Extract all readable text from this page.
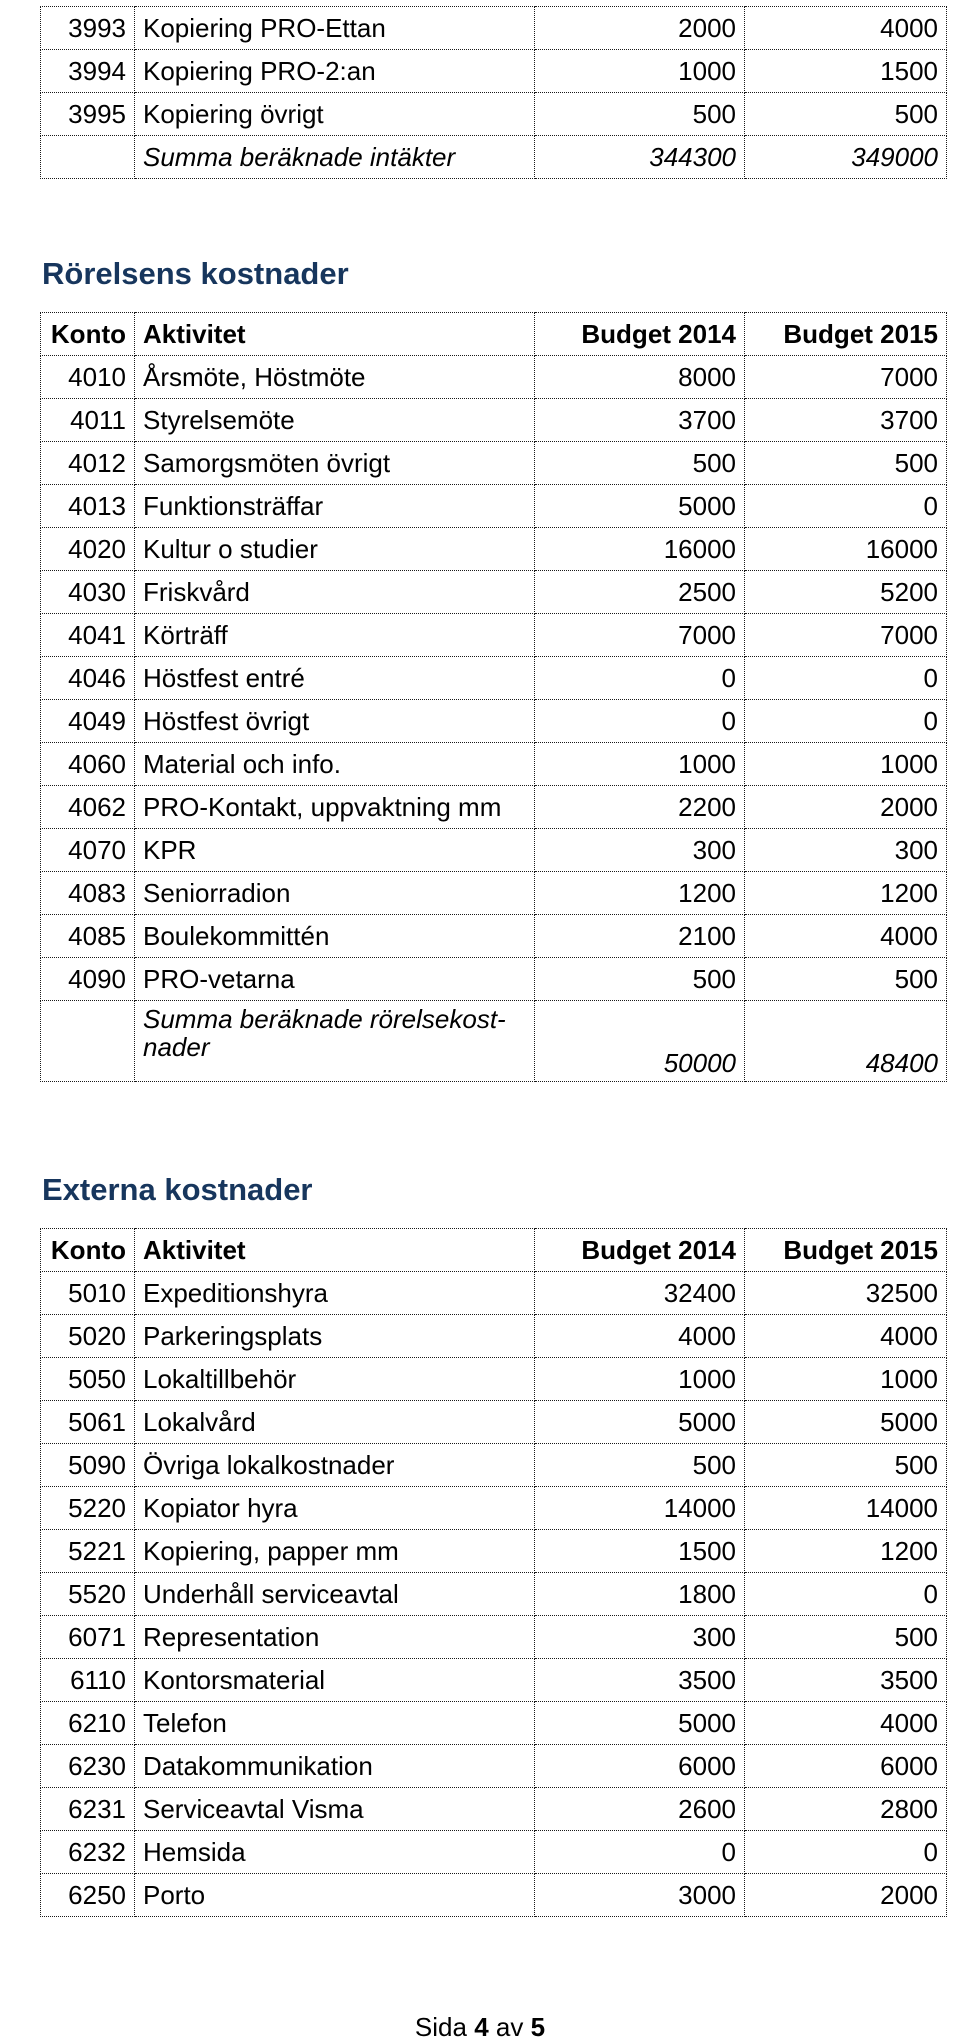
3993	Kopiering PRO-Ettan	2000	4000
3994	Kopiering PRO-2:an	1000	1500
3995	Kopiering övrigt	500	500
	Summa beräknade intäkter	344300	349000
Rörelsens kostnader
Konto	Aktivitet	Budget 2014	Budget 2015
4010	Årsmöte, Höstmöte	8000	7000
4011	Styrelsemöte	3700	3700
4012	Samorgsmöten övrigt	500	500
4013	Funktionsträffar	5000	0
4020	Kultur o studier	16000	16000
4030	Friskvård	2500	5200
4041	Körträff	7000	7000
4046	Höstfest entré	0	0
4049	Höstfest övrigt	0	0
4060	Material och info.	1000	1000
4062	PRO-Kontakt, uppvaktning mm	2200	2000
4070	KPR	300	300
4083	Seniorradion	1200	1200
4085	Boulekommittén	2100	4000
4090	PRO-vetarna	500	500
	Summa beräknade rörelsekost-nader	50000	48400
Externa kostnader
Konto	Aktivitet	Budget 2014	Budget 2015
5010	Expeditionshyra	32400	32500
5020	Parkeringsplats	4000	4000
5050	Lokaltillbehör	1000	1000
5061	Lokalvård	5000	5000
5090	Övriga lokalkostnader	500	500
5220	Kopiator hyra	14000	14000
5221	Kopiering, papper mm	1500	1200
5520	Underhåll serviceavtal	1800	0
6071	Representation	300	500
6110	Kontorsmaterial	3500	3500
6210	Telefon	5000	4000
6230	Datakommunikation	6000	6000
6231	Serviceavtal Visma	2600	2800
6232	Hemsida	0	0
6250	Porto	3000	2000
Sida 4 av 5
